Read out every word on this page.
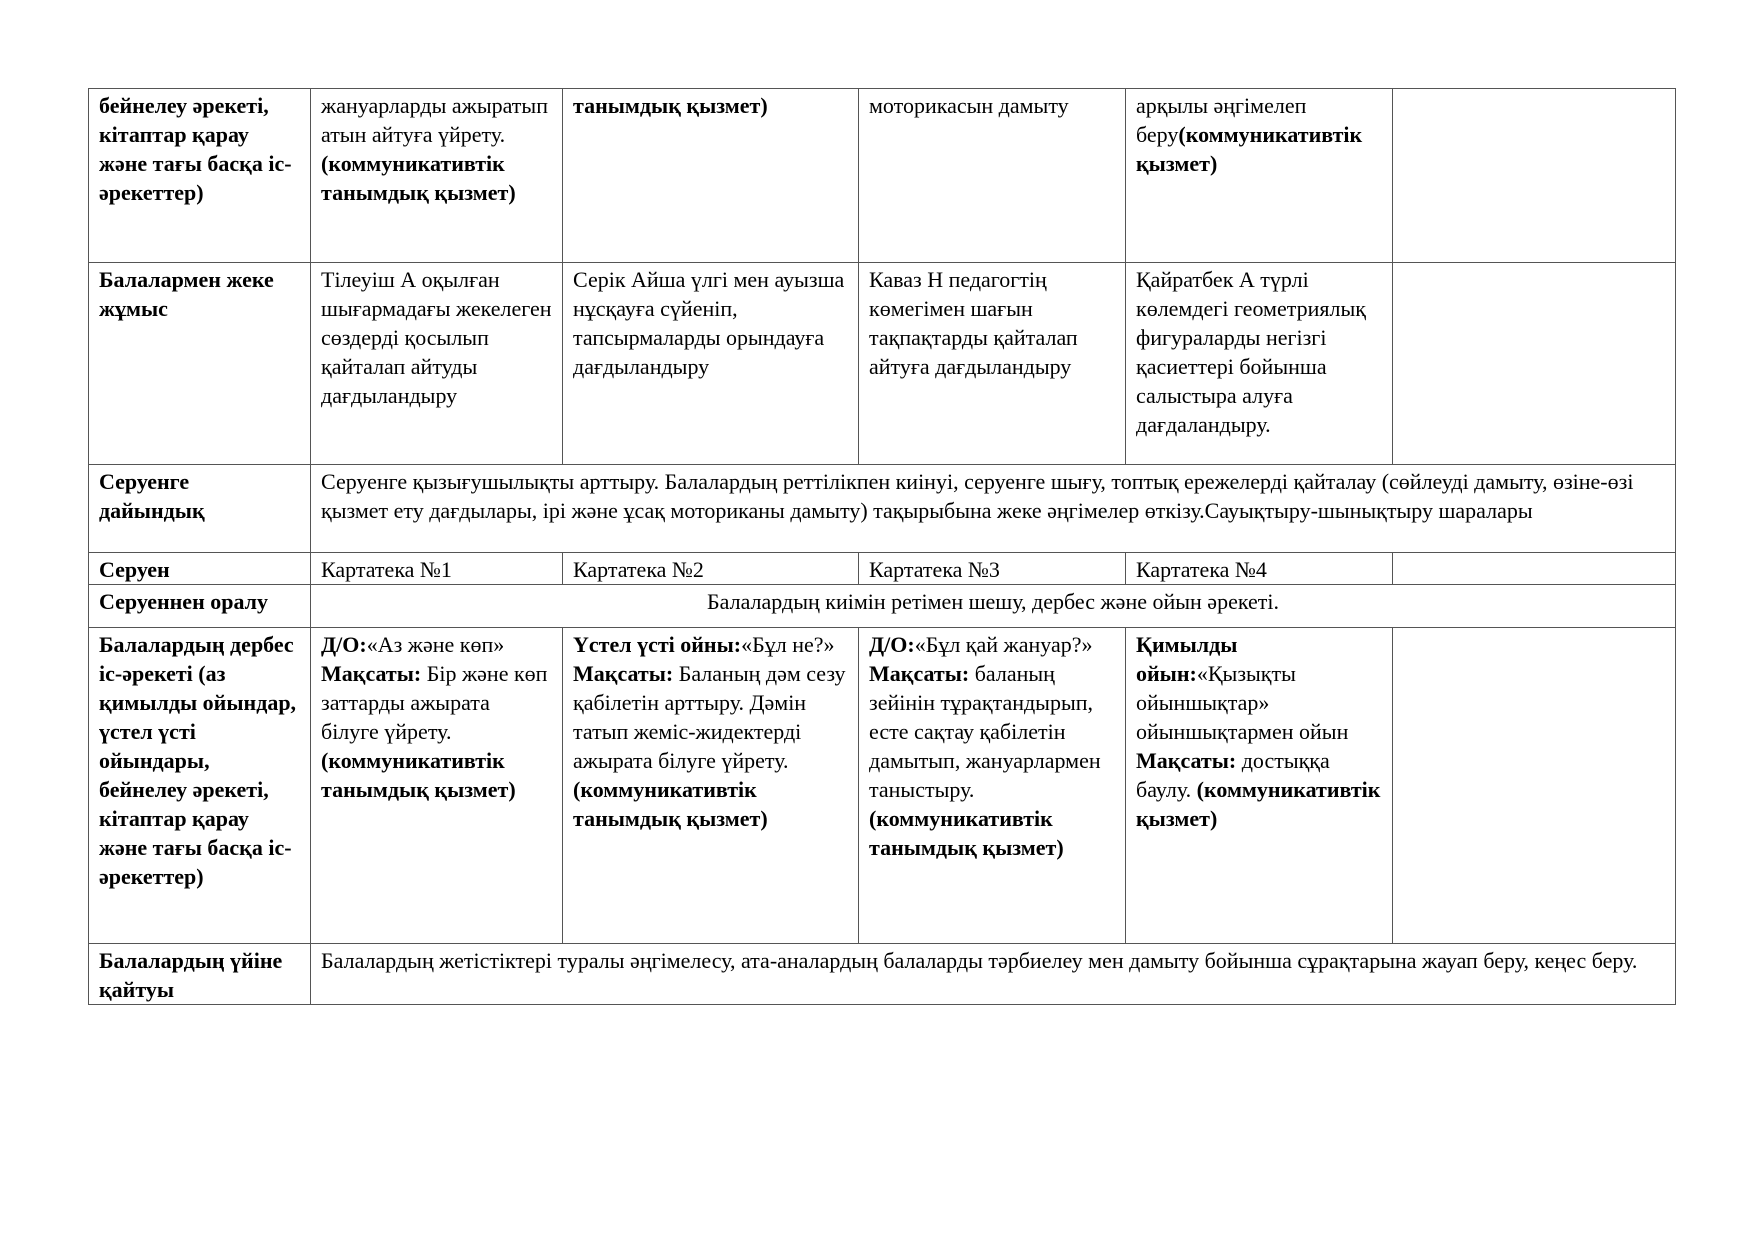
бейнелеу әрекеті, кітаптар қарау және тағы басқа іс-әрекеттер)	жануарларды ажыратып атын айтуға үйрету.(коммуникативтік танымдық қызмет)	танымдық қызмет)	моторикасын дамыту	арқылы әңгімелеп беру(коммуникативтік қызмет)	
Балалармен жеке жұмыс	Тілеуіш А оқылған шығармадағы жекелеген сөздерді қосылып қайталап айтуды дағдыландыру	Серік Айша үлгі мен ауызша нұсқауға сүйеніп, тапсырмаларды орындауға дағдыландыру	Каваз Н педагогтің көмегімен шағын тақпақтарды қайталап айтуға дағдыландыру	Қайратбек А түрлі көлемдегі геометриялық фигураларды негізгі қасиеттері бойынша салыстыра алуға дағдаландыру.	
Серуенге дайындық	Серуенге қызығушылықты арттыру. Балалардың реттілікпен киінуі, серуенге шығу, топтық ережелерді қайталау (сөйлеуді дамыту, өзіне-өзі қызмет ету дағдылары, ірі және ұсақ моториканы дамыту) тақырыбына жеке әңгімелер өткізу.Сауықтыру-шынықтыру шаралары				
Серуен	Картатека №1	Картатека №2	Картатека №3	Картатека №4	
Серуеннен оралу	Балалардың киімін ретімен шешу, дербес және ойын әрекеті.				
Балалардың дербес іс-әрекеті (аз қимылды ойындар, үстел үсті ойындары, бейнелеу әрекеті, кітаптар қарау және тағы басқа іс-әрекеттер)	Д/О:«Аз және көп» Мақсаты: Бір және көп заттарды ажырата білуге үйрету.(коммуникативтік танымдық қызмет)	Үстел үсті ойны:«Бұл не?» Мақсаты: Баланың дәм сезу қабілетін арттыру. Дәмін татып жеміс-жидектерді ажырата білуге үйрету.(коммуникативтік танымдық қызмет)	Д/О:«Бұл қай жануар?» Мақсаты: баланың зейінін тұрақтандырып, есте сақтау қабілетін дамытып, жануарлармен таныстыру.(коммуникативтік танымдық қызмет)	Қимылды ойын:«Қызықты ойыншықтар» ойыншықтармен ойын Мақсаты: достыққа баулу. (коммуникативтік қызмет)	
Балалардың үйіне қайтуы	Балалардың жетістіктері туралы әңгімелесу, ата-аналардың балаларды тәрбиелеу мен дамыту бойынша сұрақтарына жауап беру, кеңес беру.				
